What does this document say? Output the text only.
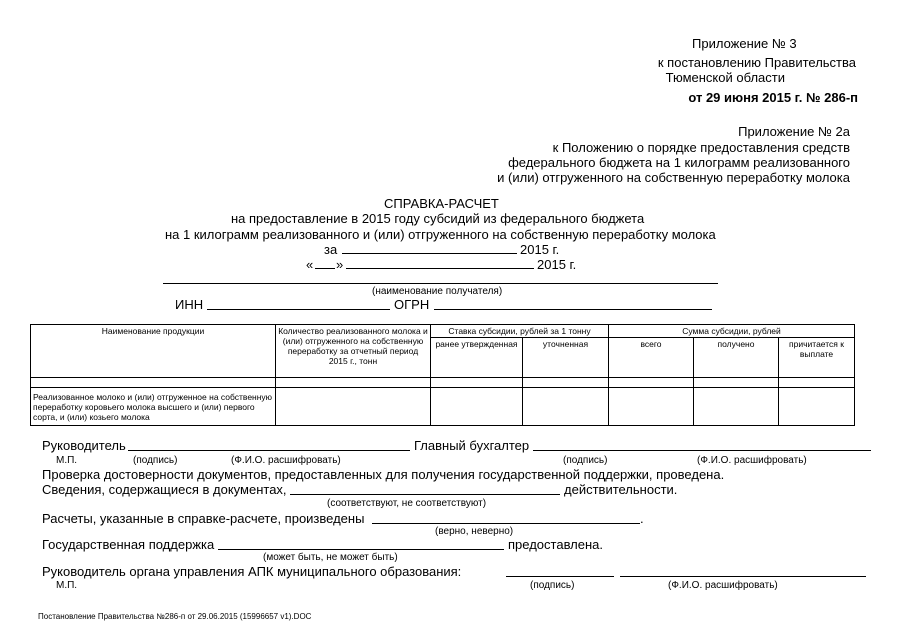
Приложение № 3
к постановлению Правительства
Тюменской области
от 29 июня 2015 г. № 286-п
Приложение № 2а
к Положению о порядке предоставления средств
федерального бюджета на 1 килограмм реализованного
и (или) отгруженного на собственную переработку молока
СПРАВКА-РАСЧЕТ
на предоставление в 2015 году субсидий из федерального бюджета
на 1 килограмм реализованного и (или) отгруженного на собственную переработку молока
за	2015 г.
« »	2015 г.
(наименование получателя)
ИНН	ОГРН
Наименование продукции	Количество реализованного молока и (или) отгруженного на собственную переработку за отчетный период 2015 г., тонн	Ставка субсидии, рублей за 1 тонну		Сумма субсидии, рублей		
		ранее утвержденная	уточненная	всего	получено	причитается к выплате

Реализованное молоко и (или) отгруженное на собственную переработку коровьего молока высшего и (или) первого сорта, и (или) козьего молока						
Руководитель	Главный бухгалтер
М.П.	(подпись)	(Ф.И.О. расшифровать)	(подпись)	(Ф.И.О. расшифровать)
Проверка достоверности документов, предоставленных для получения государственной поддержки, проведена.
Сведения, содержащиеся в документах,	действительности.
(соответствуют, не соответствуют)
Расчеты, указанные в справке-расчете, произведены	.
(верно, неверно)
Государственная поддержка	предоставлена.
(может быть, не может быть)
Руководитель органа управления АПК муниципального образования:
М.П.	(подпись)	(Ф.И.О. расшифровать)
Постановление Правительства №286-п от 29.06.2015 (15996657 v1).DOC
